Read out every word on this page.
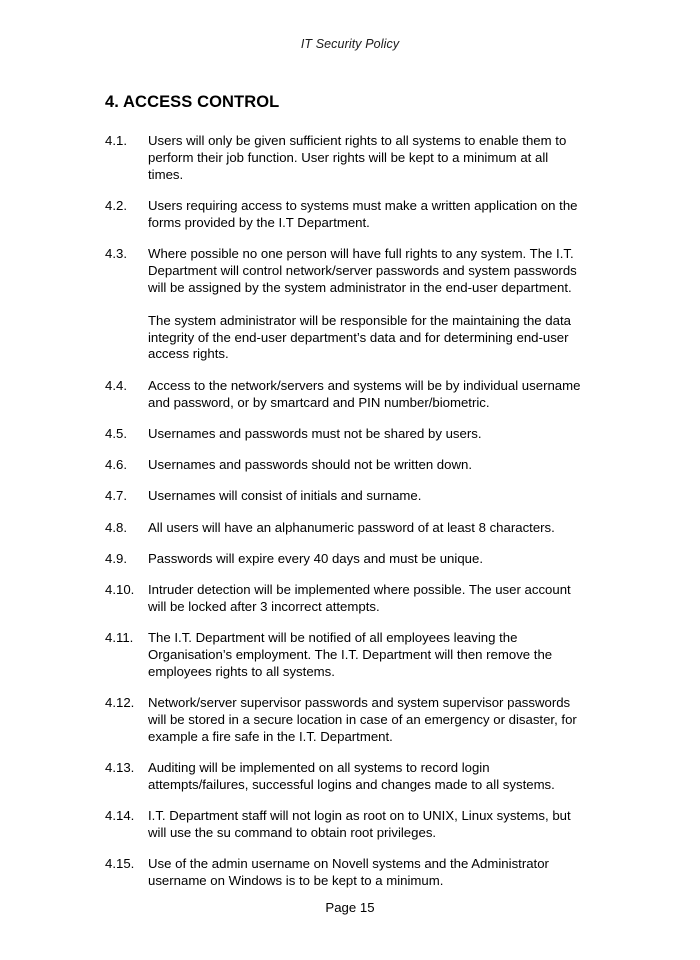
IT Security Policy
4. ACCESS CONTROL
4.1.	Users will only be given sufficient rights to all systems to enable them to perform their job function. User rights will be kept to a minimum at all times.

4.2.	Users requiring access to systems must make a written application on the forms provided by the I.T Department.

4.3.	Where possible no one person will have full rights to any system. The I.T. Department will control network/server passwords and system passwords will be assigned by the system administrator in the end-user department.

The system administrator will be responsible for the maintaining the data integrity of the end-user department’s data and for determining end-user access rights.

4.4.	Access to the network/servers and systems will be by individual username and password, or by smartcard and PIN number/biometric.

4.5.	Usernames and passwords must not be shared by users.

4.6.	Usernames and passwords should not be written down.

4.7.	Usernames will consist of initials and surname.

4.8.	All users will have an alphanumeric password of at least 8 characters.

4.9.	Passwords will expire every 40 days and must be unique.

4.10.	Intruder detection will be implemented where possible. The user account will be locked after 3 incorrect attempts.

4.11.	The I.T. Department will be notified of all employees leaving the Organisation’s employment. The I.T. Department will then remove the employees rights to all systems.

4.12.	Network/server supervisor passwords and system supervisor passwords will be stored in a secure location in case of an emergency or disaster, for example a fire safe in the I.T. Department.

4.13.	Auditing will be implemented on all systems to record login attempts/failures, successful logins and changes made to all systems.

4.14.	I.T. Department staff will not login as root on to UNIX, Linux systems, but will use the su command to obtain root privileges.

4.15.	Use of the admin username on Novell systems and the Administrator username on Windows is to be kept to a minimum.

Page 15
